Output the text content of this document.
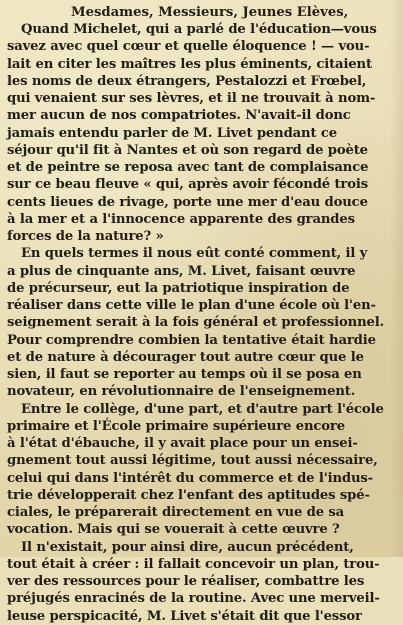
Mesdames, Messieurs, Jeunes Elèves,

Quand Michelet, qui a parlé de l'éducation—vous
savez avec quel cœur et quelle éloquence ! — vou-
lait en citer les maîtres les plus éminents, citaient
les noms de deux étrangers, Pestalozzi et Frœbel,
qui venaient sur ses lèvres, et il ne trouvait à nom-
mer aucun de nos compatriotes. N'avait-il donc
jamais entendu parler de M. Livet pendant ce
séjour qu'il fit à Nantes et où son regard de poète
et de peintre se reposa avec tant de complaisance
sur ce beau fleuve « qui, après avoir fécondé trois
cents lieues de rivage, porte une mer d'eau douce
à la mer et a l'innocence apparente des grandes
forces de la nature? »
En quels termes il nous eût conté comment, il y
a plus de cinquante ans, M. Livet, faisant œuvre
de précurseur, eut la patriotique inspiration de
réaliser dans cette ville le plan d'une école où l'en-
seignement serait à la fois général et professionnel.
Pour comprendre combien la tentative était hardie
et de nature à décourager tout autre cœur que le
sien, il faut se reporter au temps où il se posa en
novateur, en révolutionnaire de l'enseignement.
Entre le collège, d'une part, et d'autre part l'école
primaire et l'École primaire supérieure encore
à l'état d'ébauche, il y avait place pour un ensei-
gnement tout aussi légitime, tout aussi nécessaire,
celui qui dans l'intérêt du commerce et de l'indus-
trie développerait chez l'enfant des aptitudes spé-
ciales, le préparerait directement en vue de sa
vocation. Mais qui se vouerait à cette œuvre ?
Il n'existait, pour ainsi dire, aucun précédent,
tout était à créer : il fallait concevoir un plan, trou-
ver des ressources pour le réaliser, combattre les
préjugés enracinés de la routine. Avec une merveil-
leuse perspicacité, M. Livet s'était dit que l'essor
